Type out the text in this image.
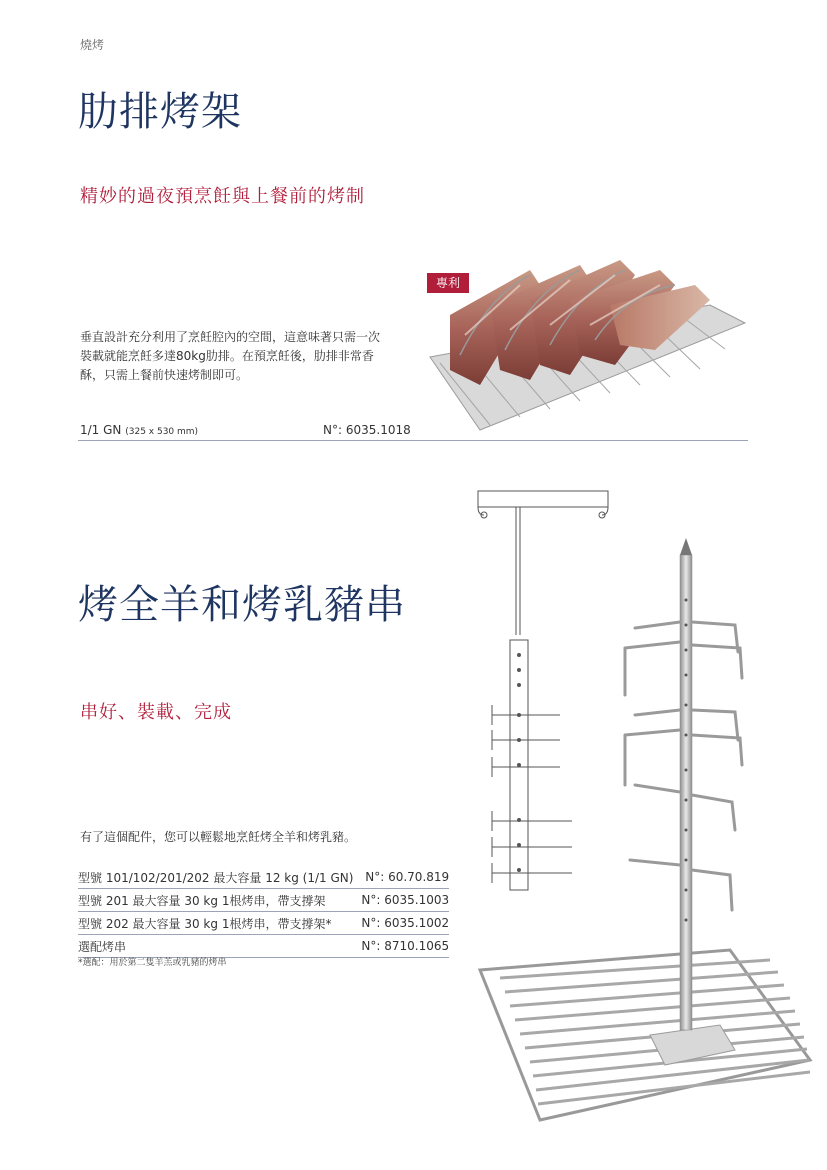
燒烤
肋排烤架
精妙的過夜預烹飪與上餐前的烤制
專利
垂直設計充分利用了烹飪腔內的空間，這意味著只需一次
裝載就能烹飪多達80kg肋排。在預烹飪後，肋排非常香
酥，只需上餐前快速烤制即可。
1/1 GN (325 x 530 mm)	N°: 6035.1018
烤全羊和烤乳豬串
串好、裝載、完成
有了這個配件，您可以輕鬆地烹飪烤全羊和烤乳豬。
型號 101/102/201/202 最大容量 12 kg (1/1 GN)	N°: 60.70.819
型號 201 最大容量 30 kg 1根烤串，帶支撐架	N°: 6035.1003
型號 202 最大容量 30 kg 1根烤串，帶支撐架*	N°: 6035.1002
選配烤串	N°: 8710.1065
*選配：用於第二隻羊羔或乳豬的烤串
